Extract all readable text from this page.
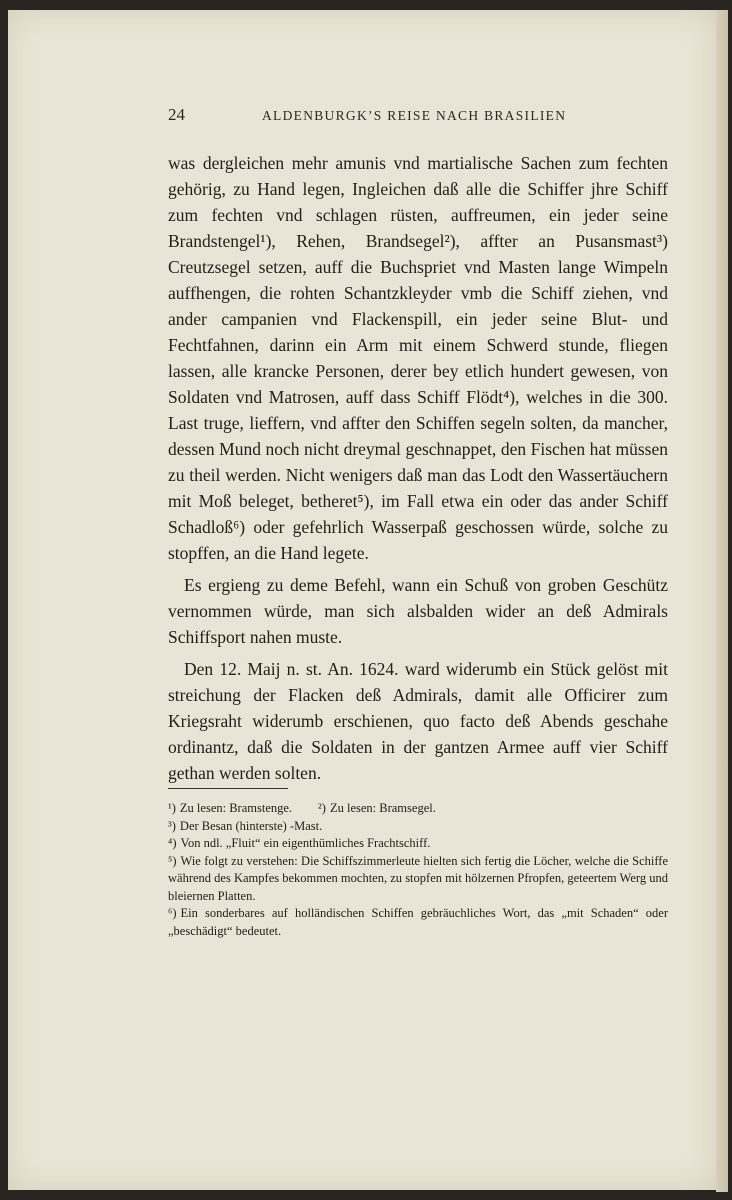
24	ALDENBURGK’S REISE NACH BRASILIEN

was dergleichen mehr amunis vnd martialische Sachen zum fechten gehörig, zu Hand legen, Ingleichen daß alle die Schiffer jhre Schiff zum fechten vnd schlagen rüsten, auffreumen, ein jeder seine Brandstengel¹), Rehen, Brandsegel²), affter an Pusansmast³) Creutzsegel setzen, auff die Buchspriet vnd Masten lange Wimpeln auffhengen, die rohten Schantzkleyder vmb die Schiff ziehen, vnd ander campanien vnd Flackenspill, ein jeder seine Blut- und Fechtfahnen, darinn ein Arm mit einem Schwerd stunde, fliegen lassen, alle krancke Personen, derer bey etlich hundert gewesen, von Soldaten vnd Matrosen, auff dass Schiff Flödt⁴), welches in die 300. Last truge, lieffern, vnd affter den Schiffen segeln solten, da mancher, dessen Mund noch nicht dreymal geschnappet, den Fischen hat müssen zu theil werden. Nicht wenigers daß man das Lodt den Wassertäuchern mit Moß beleget, betheret⁵), im Fall etwa ein oder das ander Schiff Schadloß⁶) oder gefehrlich Wasserpaß geschossen würde, solche zu stopffen, an die Hand legete.

Es ergieng zu deme Befehl, wann ein Schuß von groben Geschütz vernommen würde, man sich alsbalden wider an deß Admirals Schiffsport nahen muste.

Den 12. Maij n. st. An. 1624. ward widerumb ein Stück gelöst mit streichung der Flacken deß Admirals, damit alle Officirer zum Kriegsraht widerumb erschienen, quo facto deß Abends geschahe ordinantz, daß die Soldaten in der gantzen Armee auff vier Schiff gethan werden solten.

¹) Zu lesen: Bramstenge. ²) Zu lesen: Bramsegel.

³) Der Besan (hinterste) -Mast.

⁴) Von ndl. „Fluit“ ein eigenthümliches Frachtschiff.

⁵) Wie folgt zu verstehen: Die Schiffszimmerleute hielten sich fertig die Löcher, welche die Schiffe während des Kampfes bekommen mochten, zu stopfen mit hölzernen Pfropfen, geteertem Werg und bleiernen Platten.

⁶) Ein sonderbares auf holländischen Schiffen gebräuchliches Wort, das „mit Schaden“ oder „beschädigt“ bedeutet.
